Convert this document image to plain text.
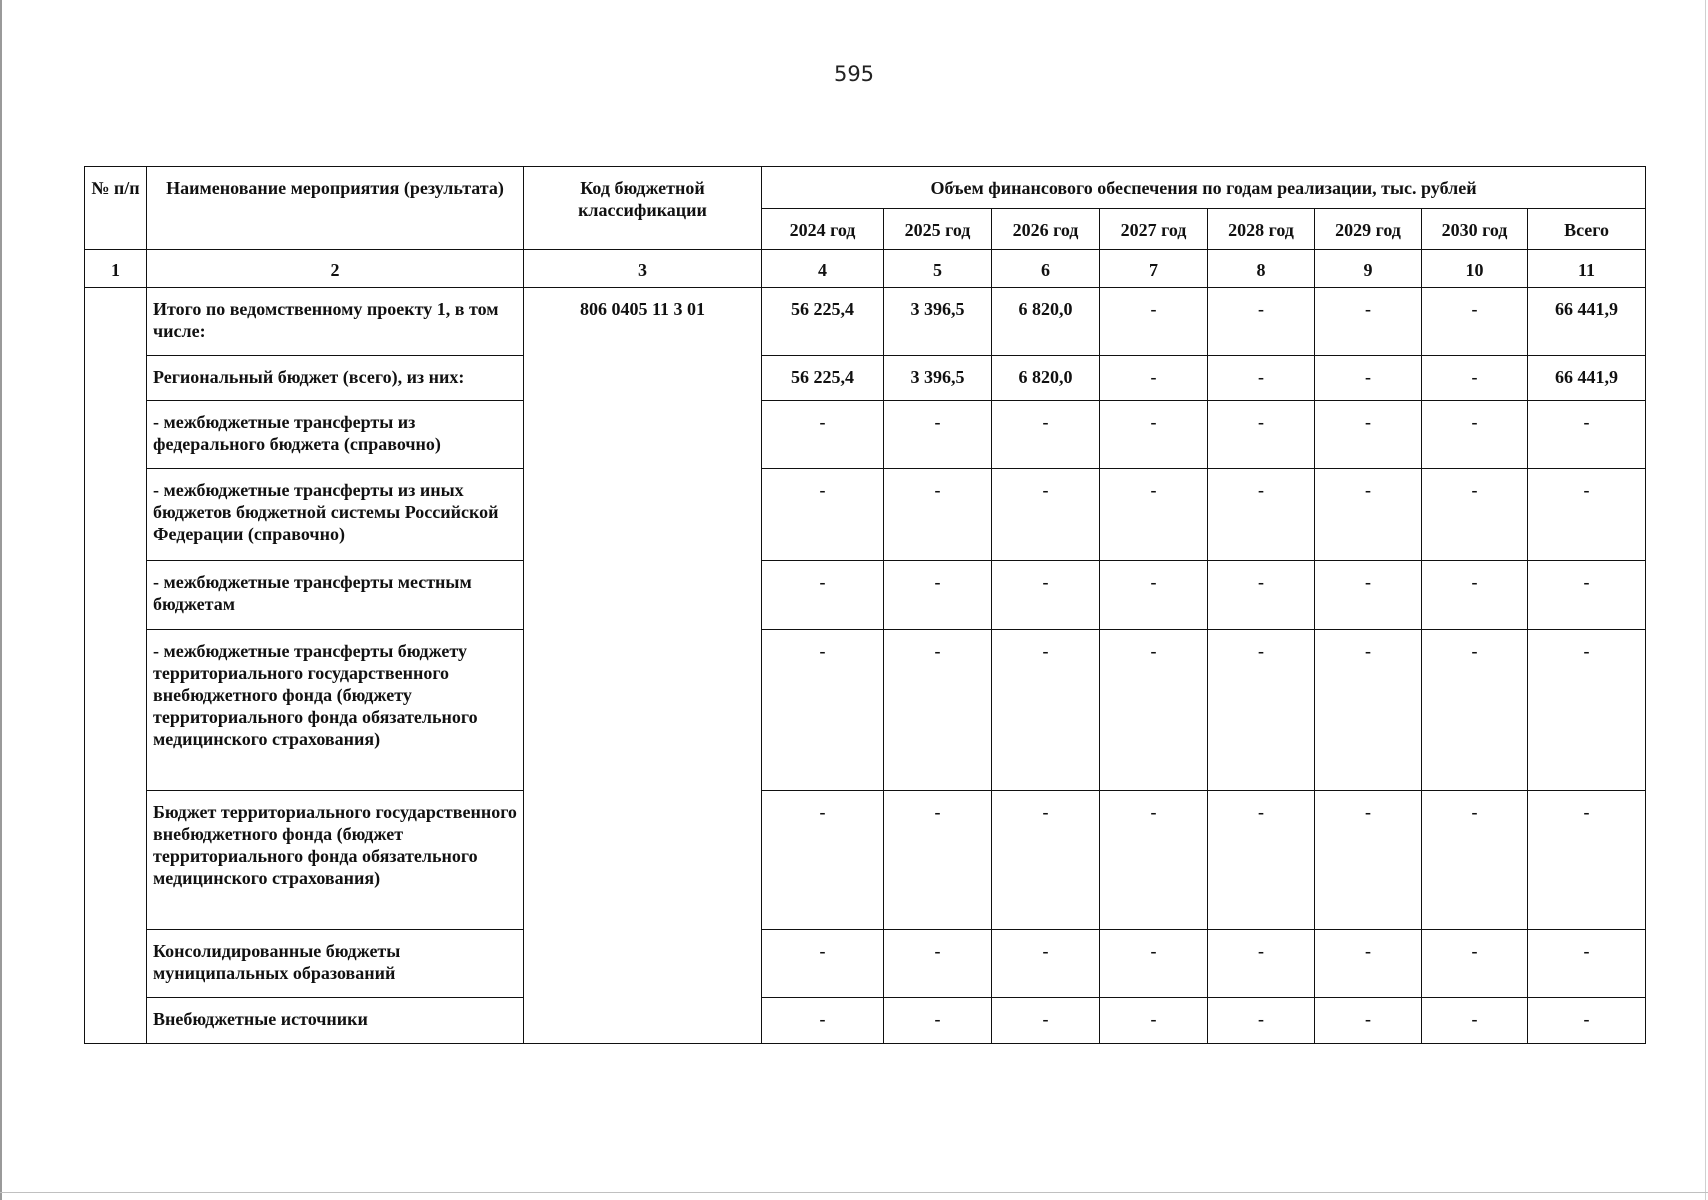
595
№ п/п	Наименование мероприятия (результата)	Код бюджетной классификации	Объем финансового обеспечения по годам реализации, тыс. рублей							
			2024 год	2025 год	2026 год	2027 год	2028 год	2029 год	2030 год	Всего
1	2	3	4	5	6	7	8	9	10	11
	Итого по ведомственному проекту 1, в том числе:	806 0405 11 3 01	56 225,4	3 396,5	6 820,0	-	-	-	-	66 441,9
	Региональный бюджет (всего), из них:		56 225,4	3 396,5	6 820,0	-	-	-	-	66 441,9
	- межбюджетные трансферты из федерального бюджета (справочно)		-	-	-	-	-	-	-	-
	- межбюджетные трансферты из иных бюджетов бюджетной системы Российской Федерации (справочно)		-	-	-	-	-	-	-	-
	- межбюджетные трансферты местным бюджетам		-	-	-	-	-	-	-	-
	- межбюджетные трансферты бюджету территориального государственного внебюджетного фонда (бюджету территориального фонда обязательного медицинского страхования)		-	-	-	-	-	-	-	-
	Бюджет территориального государственного внебюджетного фонда (бюджет территориального фонда обязательного медицинского страхования)		-	-	-	-	-	-	-	-
	Консолидированные бюджеты муниципальных образований		-	-	-	-	-	-	-	-
	Внебюджетные источники		-	-	-	-	-	-	-	-
